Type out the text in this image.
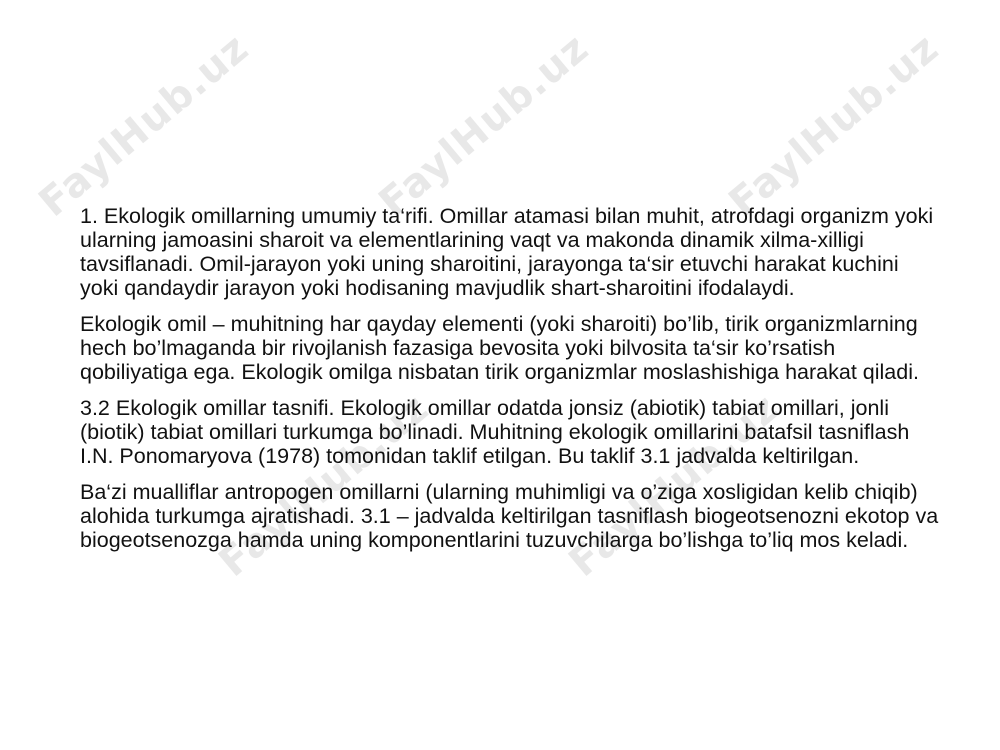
FaylHub.uz	FaylHub.uz	FaylHub.uz
FaylHub.uz	FaylHub.uz

1. Ekologik omillarning umumiy ta‘rifi. Omillar atamasi bilan muhit, atrofdagi organizm yoki ularning jamoasini sharoit va elementlarining vaqt va makonda dinamik xilma-xilligi tavsiflanadi. Omil-jarayon yoki uning sharoitini, jarayonga ta‘sir etuvchi harakat kuchini yoki qandaydir jarayon yoki hodisaning mavjudlik shart-sharoitini ifodalaydi.

Ekologik omil – muhitning har qayday elementi (yoki sharoiti) bo’lib, tirik organizmlarning hech bo’lmaganda bir rivojlanish fazasiga bevosita yoki bilvosita ta‘sir ko’rsatish qobiliyatiga ega. Ekologik omilga nisbatan tirik organizmlar moslashishiga harakat qiladi.

3.2 Ekologik omillar tasnifi. Ekologik omillar odatda jonsiz (abiotik) tabiat omillari, jonli (biotik) tabiat omillari turkumga bo’linadi. Muhitning ekologik omillarini batafsil tasniflash I.N. Ponomaryova (1978) tomonidan taklif etilgan. Bu taklif 3.1 jadvalda keltirilgan.

Ba‘zi mualliflar antropogen omillarni (ularning muhimligi va o’ziga xosligidan kelib chiqib) alohida turkumga ajratishadi. 3.1 – jadvalda keltirilgan tasniflash biogeotsenozni ekotop va biogeotsenozga hamda uning komponentlarini tuzuvchilarga bo’lishga to’liq mos keladi.
